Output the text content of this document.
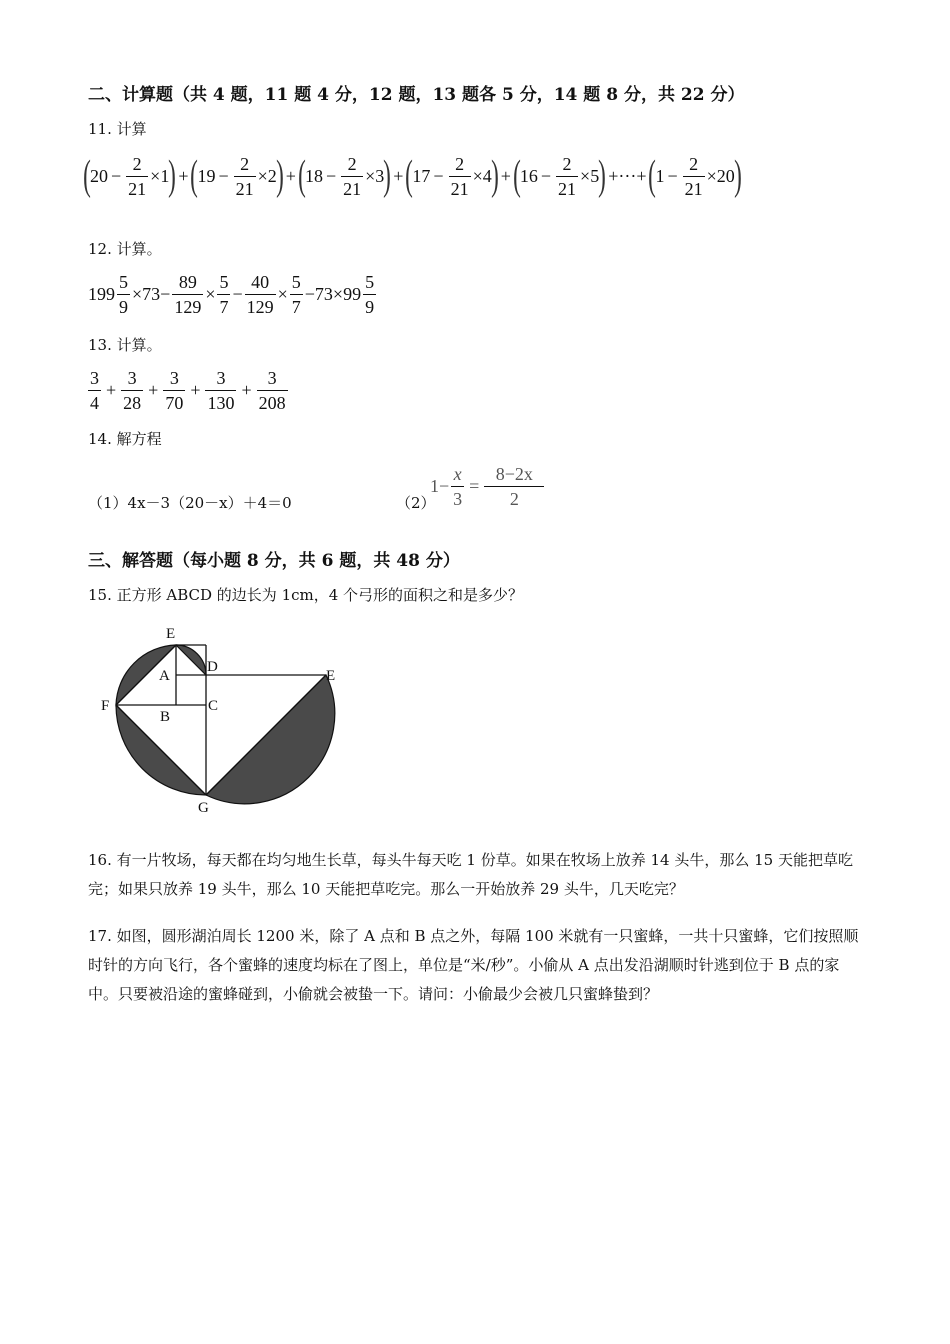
二、计算题（共 4 题，11 题 4 分，12 题，13 题各 5 分，14 题 8 分，共 22 分）
11. 计算
( $20 - \frac{2}{21} \times 1$ ) + ( $19 - \frac{2}{21} \times 2$ ) + ( $18 - \frac{2}{21} \times 3$ ) + ( $17 - \frac{2}{21} \times 4$ ) + ( $16 - \frac{2}{21} \times 5$ ) +···+ ( $1 - \frac{2}{21} \times 20$ )
12. 计算。
$199 \frac{5}{9} \times 73- \frac{89}{129} \times \frac{5}{7} - \frac{40}{129} \times \frac{5}{7} -73\times 99 \frac{5}{9}$
13. 计算。
$\frac{3}{4} + \frac{3}{28} + \frac{3}{70} + \frac{3}{130} + \frac{3}{208}$
14. 解方程
（1）4x－3（20－x）＋4＝0	（2）
$1- \frac{x}{3} = \frac{8-2x}{2}$
三、解答题（每小题 8 分，共 6 题，共 48 分）
15. 正方形 ABCD 的边长为 1cm，4 个弓形的面积之和是多少？
E
D
E
A
F
B
C
G
16. 有一片牧场，每天都在均匀地生长草，每头牛每天吃 1 份草。如果在牧场上放养 14 头牛，那么 15 天能把草吃完；如果只放养 19 头牛，那么 10 天能把草吃完。那么一开始放养 29 头牛，几天吃完？
17. 如图，圆形湖泊周长 1200 米，除了 A 点和 B 点之外，每隔 100 米就有一只蜜蜂，一共十只蜜蜂，它们按照顺时针的方向飞行，各个蜜蜂的速度均标在了图上，单位是“米/秒”。小偷从 A 点出发沿湖顺时针逃到位于 B 点的家中。只要被沿途的蜜蜂碰到，小偷就会被蛰一下。请问：小偷最少会被几只蜜蜂蛰到？
